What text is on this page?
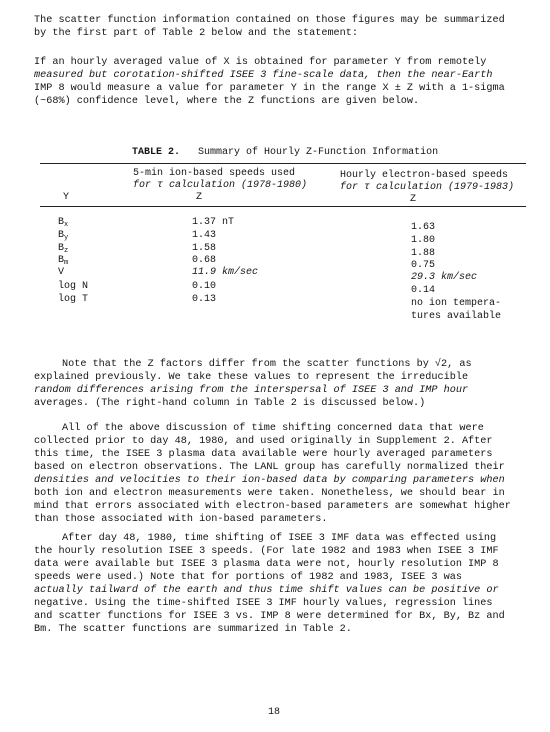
The scatter function information contained on those figures may be summarized
by the first part of Table 2 below and the statement:

If an hourly averaged value of X is obtained for parameter Y from remotely
measured but corotation-shifted ISEE 3 fine-scale data, then the near-Earth
IMP 8 would measure a value for parameter Y in the range X ± Z with a 1-sigma
(~68%) confidence level, where the Z functions are given below.

TABLE 2. Summary of Hourly Z-Function Information
5-min ion-based speeds used
for τ calculation (1978-1980)
Hourly electron-based speeds
for τ calculation (1979-1983)
Y	Z	Z
$B_x$
$B_y$
$B_z$
$B_m$
V
log N
log T
1.37 nT
1.43
1.58
0.68
11.9 km/sec
0.10
0.13
1.63
1.80
1.88
0.75
29.3 km/sec
0.14
no ion tempera-
tures available

Note that the Z factors differ from the scatter functions by √2, as
explained previously. We take these values to represent the irreducible
random differences arising from the interspersal of ISEE 3 and IMP hour
averages. (The right-hand column in Table 2 is discussed below.)

All of the above discussion of time shifting concerned data that were
collected prior to day 48, 1980, and used originally in Supplement 2. After
this time, the ISEE 3 plasma data available were hourly averaged parameters
based on electron observations. The LANL group has carefully normalized their
densities and velocities to their ion-based data by comparing parameters when
both ion and electron measurements were taken. Nonetheless, we should bear in
mind that errors associated with electron-based parameters are somewhat higher
than those associated with ion-based parameters.

After day 48, 1980, time shifting of ISEE 3 IMF data was effected using
the hourly resolution ISEE 3 speeds. (For late 1982 and 1983 when ISEE 3 IMF
data were available but ISEE 3 plasma data were not, hourly resolution IMP 8
speeds were used.) Note that for portions of 1982 and 1983, ISEE 3 was
actually tailward of the earth and thus time shift values can be positive or
negative. Using the time-shifted ISEE 3 IMF hourly values, regression lines
and scatter functions for ISEE 3 vs. IMP 8 were determined for Bx, By, Bz and
Bm. The scatter functions are summarized in Table 2.

18
